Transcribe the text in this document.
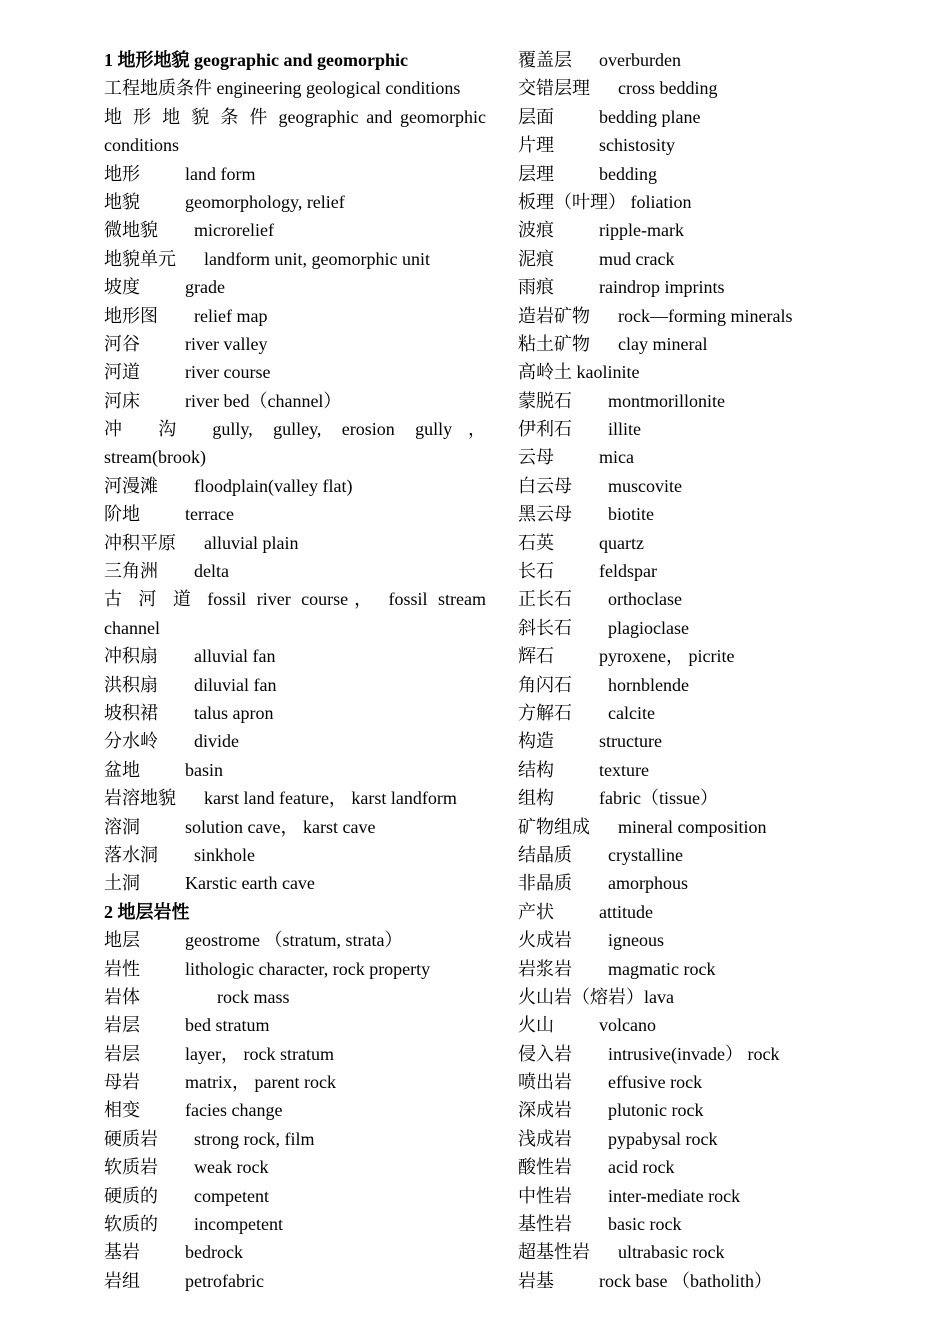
1 地形地貌 geographic and geomorphic
工程地质条件 engineering geological conditions
地 形 地 貌 条 件 geographic and geomorphic
conditions
地形	land form
地貌	geomorphology, relief
微地貌 microrelief
地貌单元 landform unit, geomorphic unit
坡度	grade
地形图 relief map
河谷	river valley
河道	river course
河床	river bed（channel）
冲 沟 gully, gulley, erosion gully，
stream(brook)
河漫滩 floodplain(valley flat)
阶地	terrace
冲积平原 alluvial plain
三角洲 delta
古 河 道 fossil river course， fossil stream
channel
冲积扇 alluvial fan
洪积扇 diluvial fan
坡积裙 talus apron
分水岭 divide
盆地	basin
岩溶地貌 karst land feature， karst landform
溶洞	solution cave， karst cave
落水洞 sinkhole
土洞	Karstic earth cave
2 地层岩性
地层	geostrome （stratum, strata）
岩性	lithologic character, rock property
岩体	rock mass
岩层	bed stratum
岩层	layer， rock stratum
母岩	matrix， parent rock
相变	facies change
硬质岩 strong rock, film
软质岩 weak rock
硬质的 competent
软质的 incompetent
基岩	bedrock
岩组	petrofabric
覆盖层 overburden
交错层理 cross bedding
层面	bedding plane
片理	schistosity
层理	bedding
板理（叶理） foliation
波痕	ripple-mark
泥痕	mud crack
雨痕	raindrop imprints
造岩矿物 rock—forming minerals
粘土矿物 clay mineral
高岭土 kaolinite
蒙脱石 montmorillonite
伊利石 illite
云母	mica
白云母 muscovite
黑云母 biotite
石英	quartz
长石	feldspar
正长石 orthoclase
斜长石 plagioclase
辉石	pyroxene， picrite
角闪石 hornblende
方解石 calcite
构造	structure
结构	texture
组构	fabric（tissue）
矿物组成 mineral composition
结晶质 crystalline
非晶质 amorphous
产状	attitude
火成岩 igneous
岩浆岩 magmatic rock
火山岩（熔岩）lava
火山	volcano
侵入岩 intrusive(invade） rock
喷出岩 effusive rock
深成岩 plutonic rock
浅成岩 pypabysal rock
酸性岩 acid rock
中性岩 inter-mediate rock
基性岩 basic rock
超基性岩 ultrabasic rock
岩基	rock base （batholith）
